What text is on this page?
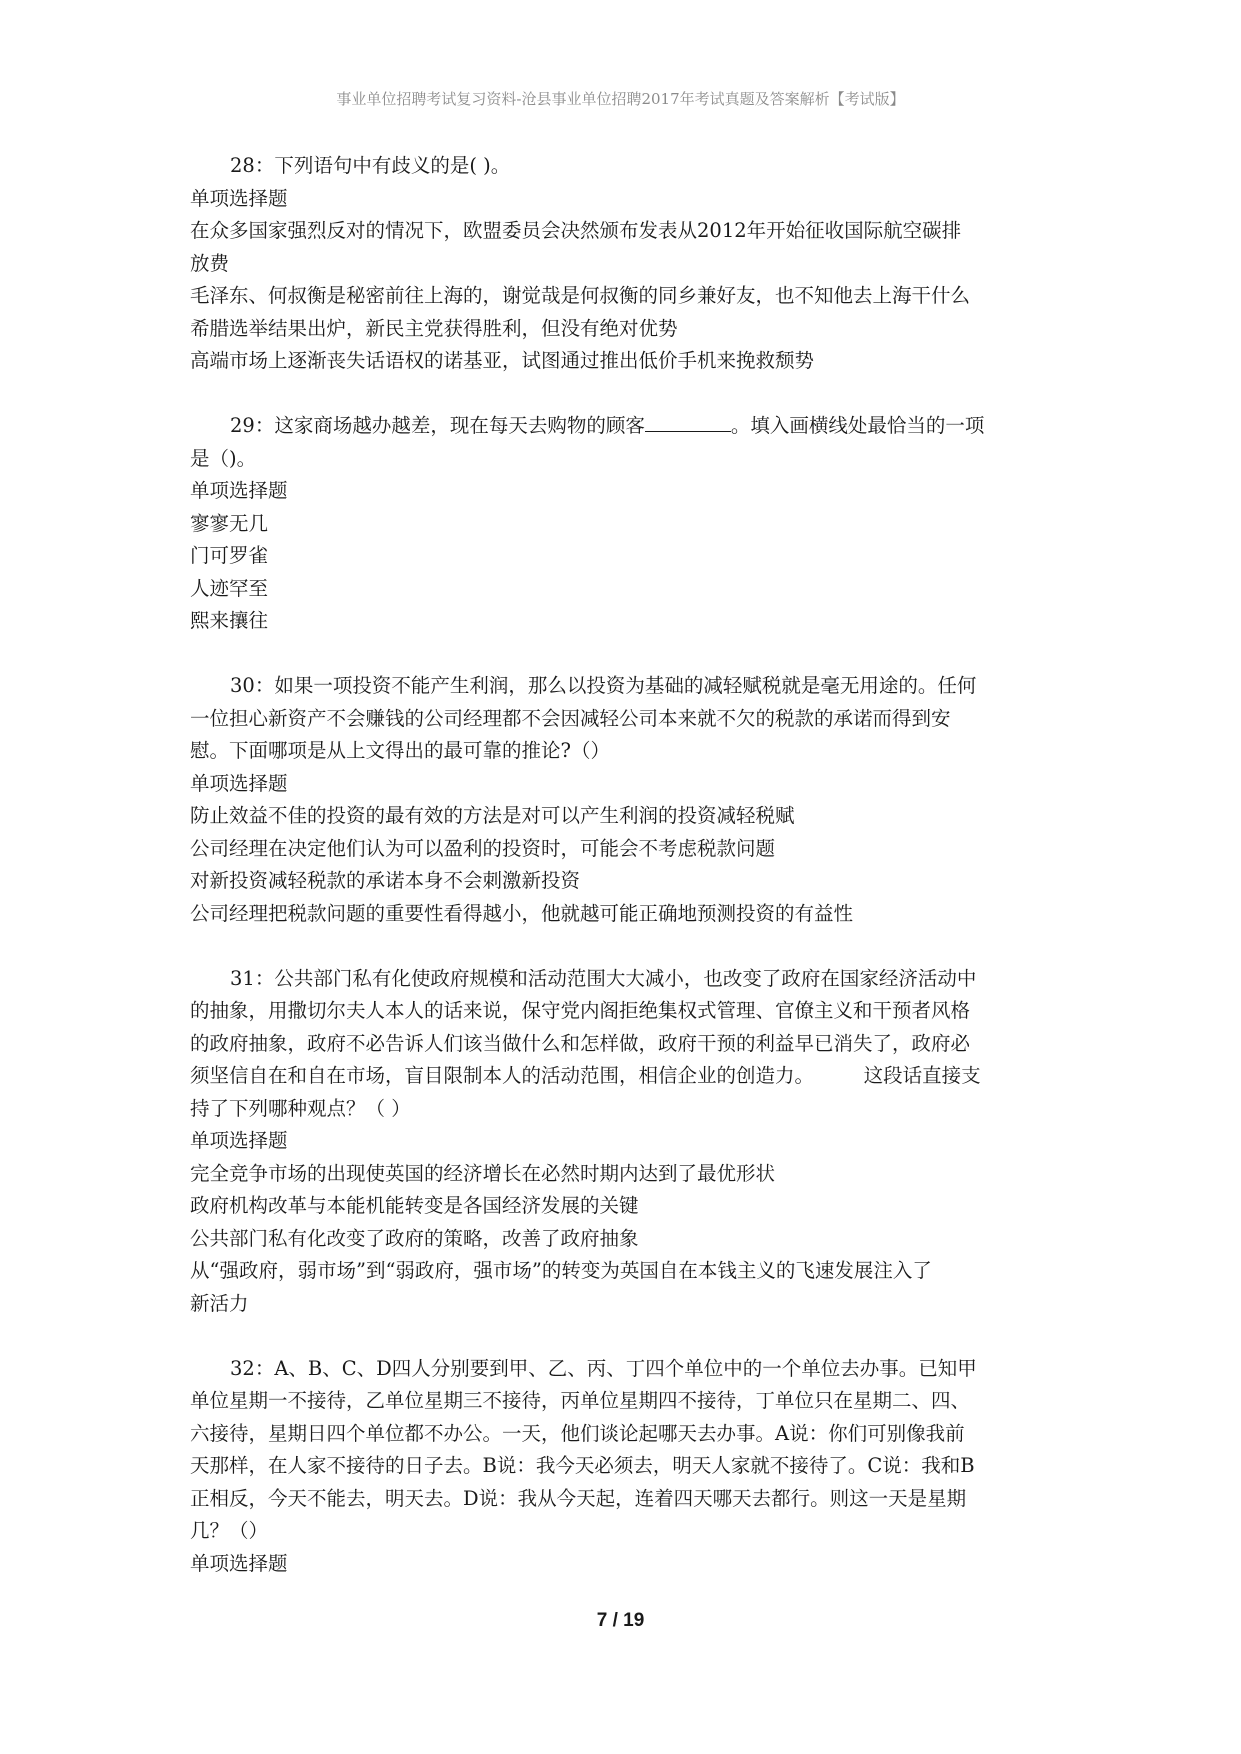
事业单位招聘考试复习资料-沧县事业单位招聘2017年考试真题及答案解析【考试版】
28：下列语句中有歧义的是( )。
单项选择题
在众多国家强烈反对的情况下，欧盟委员会决然颁布发表从2012年开始征收国际航空碳排
放费
毛泽东、何叔衡是秘密前往上海的，谢觉哉是何叔衡的同乡兼好友，也不知他去上海干什么
希腊选举结果出炉，新民主党获得胜利，但没有绝对优势
高端市场上逐渐丧失话语权的诺基亚，试图通过推出低价手机来挽救颓势
29：这家商场越办越差，现在每天去购物的顾客	。填入画横线处最恰当的一项
是（)。
单项选择题
寥寥无几
门可罗雀
人迹罕至
熙来攘往
30：如果一项投资不能产生利润，那么以投资为基础的减轻赋税就是毫无用途的。任何
一位担心新资产不会赚钱的公司经理都不会因减轻公司本来就不欠的税款的承诺而得到安
慰。下面哪项是从上文得出的最可靠的推论?（）
单项选择题
防止效益不佳的投资的最有效的方法是对可以产生利润的投资减轻税赋
公司经理在决定他们认为可以盈利的投资时，可能会不考虑税款问题
对新投资减轻税款的承诺本身不会刺激新投资
公司经理把税款问题的重要性看得越小，他就越可能正确地预测投资的有益性
31：公共部门私有化使政府规模和活动范围大大减小，也改变了政府在国家经济活动中
的抽象，用撒切尔夫人本人的话来说，保守党内阁拒绝集权式管理、官僚主义和干预者风格
的政府抽象，政府不必告诉人们该当做什么和怎样做，政府干预的利益早已消失了，政府必
须坚信自在和自在市场，盲目限制本人的活动范围，相信企业的创造力。        这段话直接支
持了下列哪种观点？（ ）
单项选择题
完全竞争市场的出现使英国的经济增长在必然时期内达到了最优形状
政府机构改革与本能机能转变是各国经济发展的关键
公共部门私有化改变了政府的策略，改善了政府抽象
从“强政府，弱市场”到“弱政府，强市场”的转变为英国自在本钱主义的飞速发展注入了
新活力
32：A、B、C、D四人分别要到甲、乙、丙、丁四个单位中的一个单位去办事。已知甲
单位星期一不接待，乙单位星期三不接待，丙单位星期四不接待，丁单位只在星期二、四、
六接待，星期日四个单位都不办公。一天，他们谈论起哪天去办事。A说：你们可别像我前
天那样，在人家不接待的日子去。B说：我今天必须去，明天人家就不接待了。C说：我和B
正相反，今天不能去，明天去。D说：我从今天起，连着四天哪天去都行。则这一天是星期
几？（）
单项选择题
7 / 19
